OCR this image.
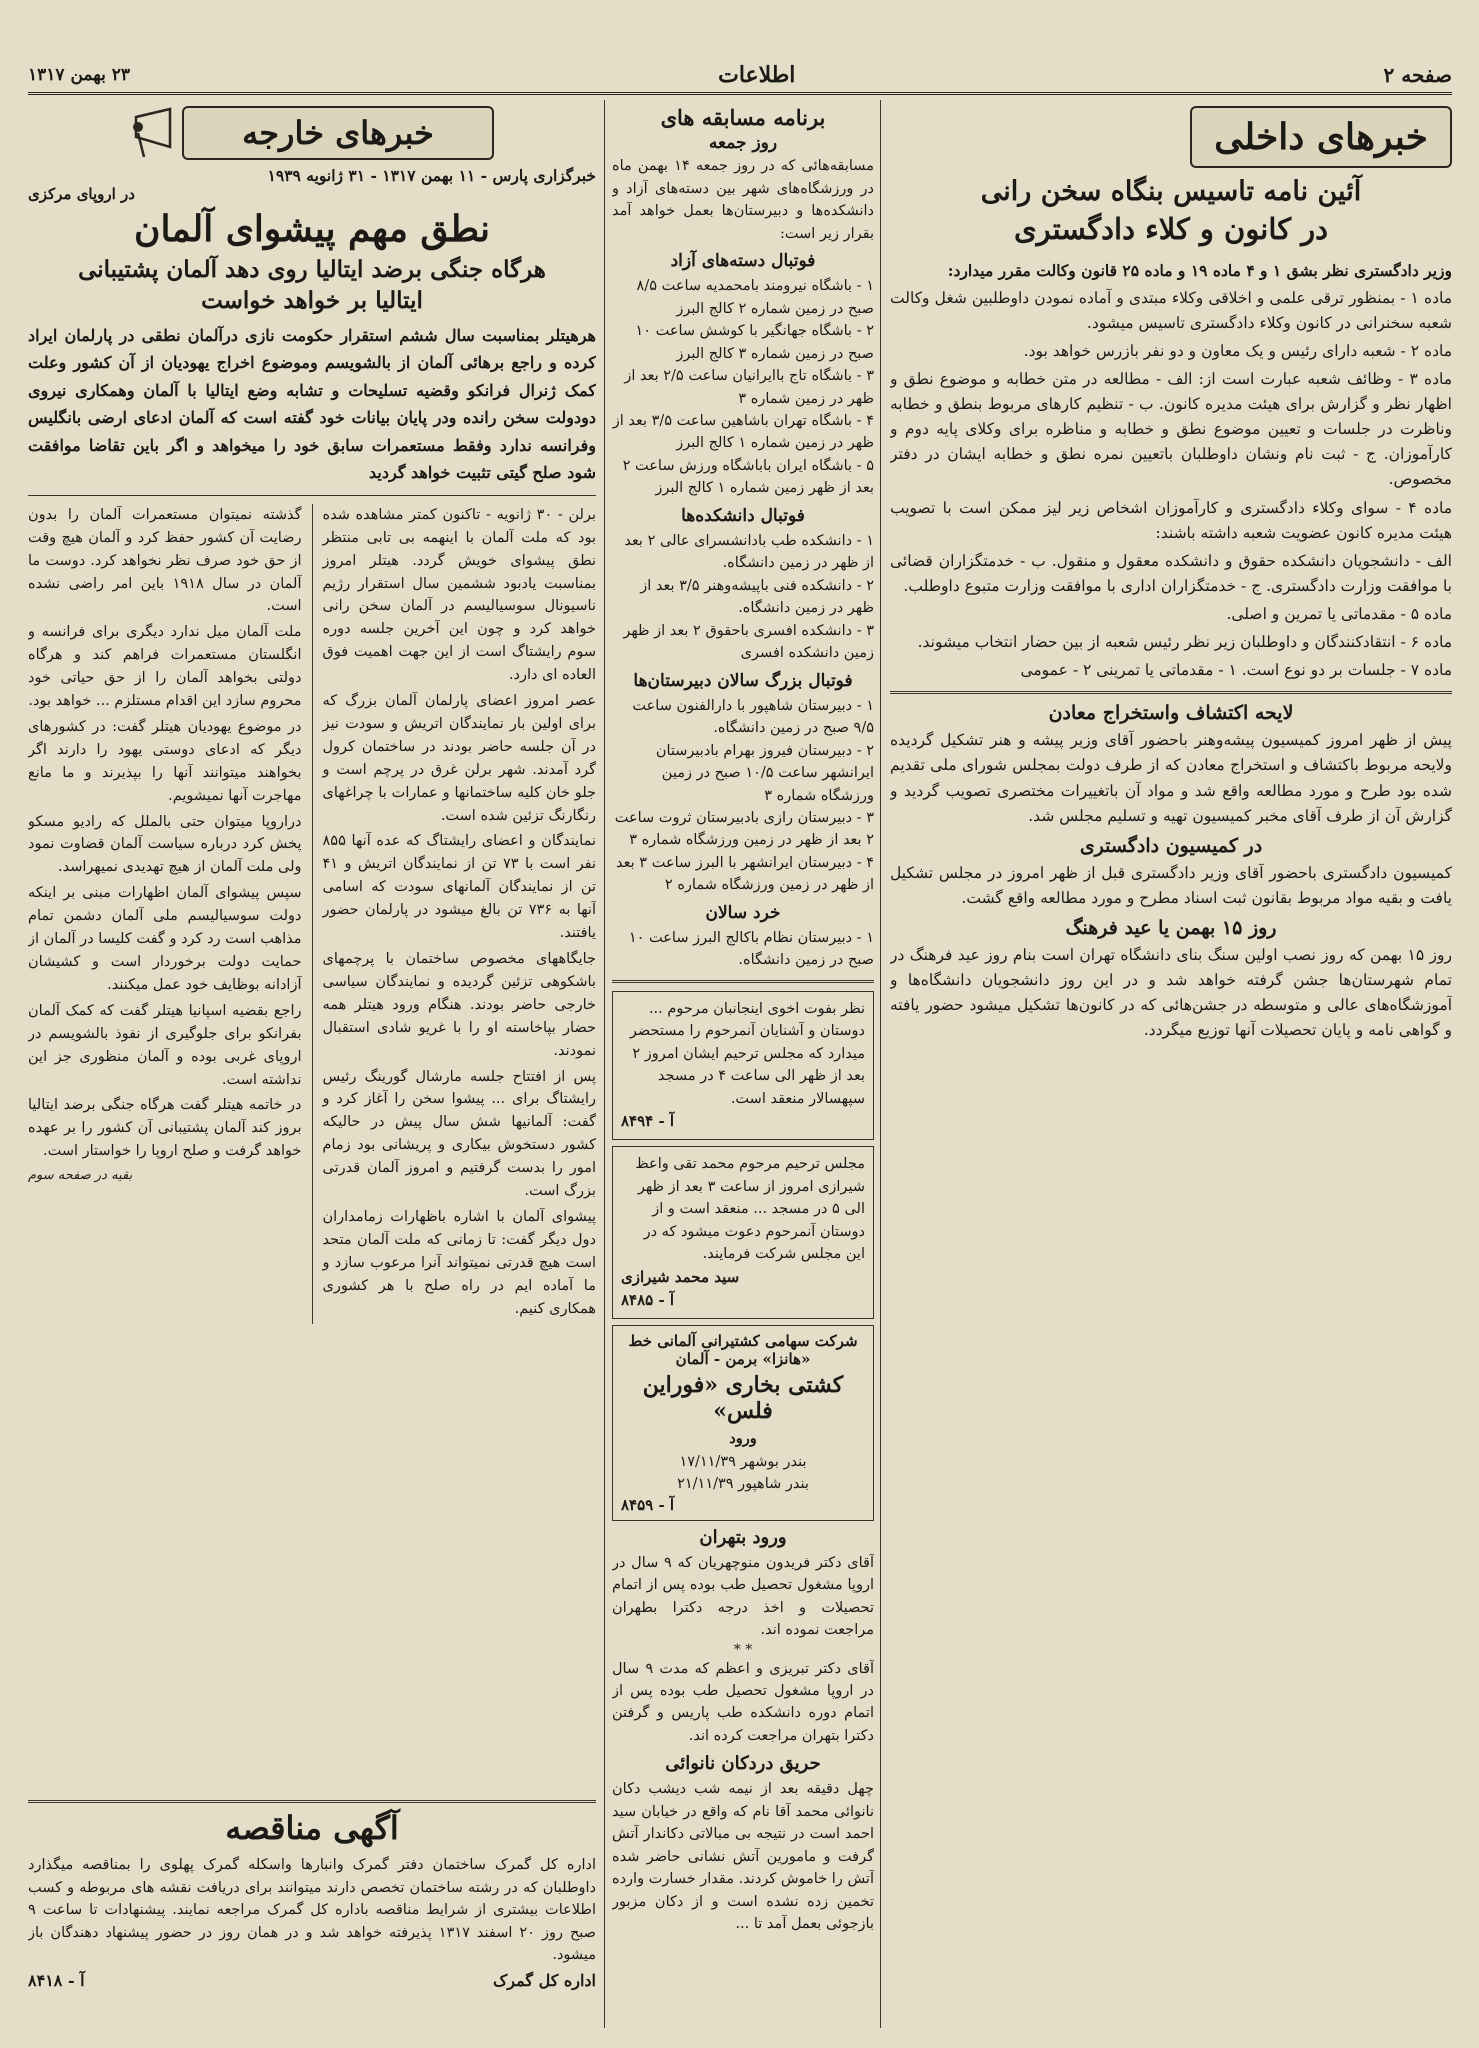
صفحه ۲
اطلاعات
۲۳ بهمن ۱۳۱۷
خبرهای داخلی
آئین نامه تاسیس بنگاه سخن رانی
در کانون و کلاء دادگستری

وزیر دادگستری نظر بشق ۱ و ۴ ماده ۱۹ و ماده ۲۵ قانون وکالت مقرر میدارد:

ماده ۱ - بمنظور ترقی علمی و اخلاقی وکلاء مبتدی و آماده نمودن داوطلبین شغل وکالت شعبه سخنرانی در کانون وکلاء دادگستری تاسیس میشود.

ماده ۲ - شعبه دارای رئیس و یک معاون و دو نفر بازرس خواهد بود.

ماده ۳ - وظائف شعبه عبارت است از: الف - مطالعه در متن خطابه و موضوع نطق و اظهار نظر و گزارش برای هیئت مدیره کانون. ب - تنظیم کارهای مربوط بنطق و خطابه وناظرت در جلسات و تعیین موضوع نطق و خطابه و مناظره برای وکلای پایه دوم و کارآموزان. ج - ثبت نام ونشان داوطلبان باتعیین نمره نطق و خطابه ایشان در دفتر مخصوص.

ماده ۴ - سوای وکلاء دادگستری و کارآموزان اشخاص زیر لیز ممکن است با تصویب هیئت مدیره کانون عضویت شعبه داشته باشند:

الف - دانشجویان دانشکده حقوق و دانشکده معقول و منقول. ب - خدمتگزاران قضائی با موافقت وزارت دادگستری. ج - خدمتگزاران اداری با موافقت وزارت متبوع داوطلب.

ماده ۵ - مقدماتی یا تمرین و اصلی.

ماده ۶ - انتقادکنندگان و داوطلبان زیر نظر رئیس شعبه از بین حضار انتخاب میشوند.

ماده ۷ - جلسات بر دو نوع است. ۱ - مقدماتی یا تمرینی ۲ - عمومی

لایحه اکتشاف واستخراج معادن
پیش از ظهر امروز کمیسیون پیشه‌وهنر باحضور آقای وزیر پیشه و هنر تشکیل گردیده ولایحه مربوط باکتشاف و استخراج معادن که از طرف دولت بمجلس شورای ملی تقدیم شده بود طرح و مورد مطالعه واقع شد و مواد آن باتغییرات مختصری تصویب گردید و گزارش آن از طرف آقای مخبر کمیسیون تهیه و تسلیم مجلس شد.
در کمیسیون دادگستری
کمیسیون دادگستری باحضور آقای وزیر دادگستری قبل از ظهر امروز در مجلس تشکیل یافت و بقیه مواد مربوط بقانون ثبت اسناد مطرح و مورد مطالعه واقع گشت.
روز ۱۵ بهمن یا عید فرهنگ
روز ۱۵ بهمن که روز نصب اولین سنگ بنای دانشگاه تهران است بنام روز عید فرهنگ در تمام شهرستان‌ها جشن گرفته خواهد شد و در این روز دانشجویان دانشگاه‌ها و آموزشگاه‌های عالی و متوسطه در جشن‌هائی که در کانون‌ها تشکیل میشود حضور یافته و گواهی نامه و پایان تحصیلات آنها توزیع میگردد.
برنامه مسابقه های
روز جمعه
مسابقه‌هائی که در روز جمعه ۱۴ بهمن ماه در ورزشگاه‌های شهر بین دسته‌های آزاد و دانشکده‌ها و دبیرستان‌ها بعمل خواهد آمد بقرار زیر است:
فوتبال دسته‌های آزاد
۱ - باشگاه نیرومند بامحمدیه ساعت ۸/۵ صبح در زمین شماره ۲ کالج البرز
۲ - باشگاه جهانگیر با کوشش ساعت ۱۰ صبح در زمین شماره ۳ کالج البرز
۳ - باشگاه تاج باایرانیان ساعت ۲/۵ بعد از ظهر در زمین شماره ۳
۴ - باشگاه تهران باشاهین ساعت ۳/۵ بعد از ظهر در زمین شماره ۱ کالج البرز
۵ - باشگاه ایران باباشگاه ورزش ساعت ۲ بعد از ظهر زمین شماره ۱ کالج البرز
فوتبال دانشکده‌ها
۱ - دانشکده طب بادانشسرای عالی ۲ بعد از ظهر در زمین دانشگاه.
۲ - دانشکده فنی باپیشه‌وهنر ۳/۵ بعد از ظهر در زمین دانشگاه.
۳ - دانشکده افسری باحقوق ۲ بعد از ظهر زمین دانشکده افسری
فوتبال بزرگ سالان دبیرستان‌ها
۱ - دبیرستان شاهپور با دارالفنون ساعت ۹/۵ صبح در زمین دانشگاه.
۲ - دبیرستان فیروز بهرام بادبیرستان ایرانشهر ساعت ۱۰/۵ صبح در زمین ورزشگاه شماره ۳
۳ - دبیرستان رازی بادبیرستان ثروت ساعت ۲ بعد از ظهر در زمین ورزشگاه شماره ۳
۴ - دبیرستان ایرانشهر با البرز ساعت ۳ بعد از ظهر در زمین ورزشگاه شماره ۲
خرد سالان
۱ - دبیرستان نظام باکالج البرز ساعت ۱۰ صبح در زمین دانشگاه.
نظر بفوت اخوی اینجانبان مرحوم ... دوستان و آشنایان آنمرحوم را مستحضر میدارد که مجلس ترحیم ایشان امروز ۲ بعد از ظهر الی ساعت ۴ در مسجد سپهسالار منعقد است.
آ - ۸۴۹۴
مجلس ترحیم مرحوم محمد تقی واعظ شیرازی امروز از ساعت ۳ بعد از ظهر الی ۵ در مسجد ... منعقد است و از دوستان آنمرحوم دعوت میشود که در این مجلس شرکت فرمایند.
سید محمد شیرازی
آ - ۸۴۸۵
شرکت سهامی کشتیرانی آلمانی خط
«هانزا» برمن - آلمان
کشتی بخاری «فوراین فلس»
ورود
بندر بوشهر ۱۷/۱۱/۳۹
بندر شاهپور ۲۱/۱۱/۳۹
آ - ۸۴۵۹
ورود بتهران
آقای دکتر فریدون منوچهریان که ۹ سال در اروپا مشغول تحصیل طب بوده پس از اتمام تحصیلات و اخذ درجه دکترا بطهران مراجعت نموده اند.
* *
آقای دکتر تبریزی و اعظم که مدت ۹ سال در اروپا مشغول تحصیل طب بوده پس از اتمام دوره دانشکده طب پاریس و گرفتن دکترا بتهران مراجعت کرده اند.
حریق دردکان نانوائی
چهل دقیقه بعد از نیمه شب دیشب دکان نانوائی محمد آقا نام که واقع در خیابان سید احمد است در نتیجه بی مبالاتی دکاندار آتش گرفت و مامورین آتش نشانی حاضر شده آتش را خاموش کردند. مقدار خسارت وارده تخمین زده نشده است و از دکان مزبور بازجوئی بعمل آمد تا ...
خبرهای خارجه
خبرگزاری پارس - ۱۱ بهمن ۱۳۱۷ - ۳۱ ژانویه ۱۹۳۹
در اروپای مرکزی
نطق مهم پیشوای آلمان
هرگاه جنگی برضد ایتالیا روی دهد آلمان پشتیبانی
ایتالیا بر خواهد خواست
هرهیتلر بمناسبت سال ششم استقرار حکومت نازی درآلمان نطقی در پارلمان ایراد کرده و راجع برهائی آلمان از بالشویسم وموضوع اخراج یهودیان از آن کشور وعلت کمک ژنرال فرانکو وقضیه تسلیحات و تشابه وضع ایتالیا با آلمان وهمکاری نیروی دودولت سخن رانده ودر پایان بیانات خود گفته است که آلمان ادعای ارضی بانگلیس وفرانسه ندارد وفقط مستعمرات سابق خود را میخواهد و اگر باین تقاضا موافقت شود صلح گیتی تثبیت خواهد گردید

برلن - ۳۰ ژانویه - تاکنون کمتر مشاهده شده بود که ملت آلمان با اینهمه بی تابی منتظر نطق پیشوای خویش گردد. هیتلر امروز بمناسبت یادبود ششمین سال استقرار رژیم ناسیونال سوسیالیسم در آلمان سخن رانی خواهد کرد و چون این آخرین جلسه دوره سوم رایشتاگ است از این جهت اهمیت فوق العاده ای دارد.

عصر امروز اعضای پارلمان آلمان بزرگ که برای اولین بار نمایندگان اتریش و سودت نیز در آن جلسه حاضر بودند در ساختمان کرول گرد آمدند. شهر برلن غرق در پرچم است و جلو خان کلیه ساختمانها و عمارات با چراغهای رنگارنگ تزئین شده است.

نمایندگان و اعضای رایشتاگ که عده آنها ۸۵۵ نفر است با ۷۳ تن از نمایندگان اتریش و ۴۱ تن از نمایندگان آلمانهای سودت که اسامی آنها به ۷۳۶ تن بالغ میشود در پارلمان حضور یافتند.

جایگاههای مخصوص ساختمان با پرچمهای باشکوهی تزئین گردیده و نمایندگان سیاسی خارجی حاضر بودند. هنگام ورود هیتلر همه حضار بپاخاسته او را با غریو شادی استقبال نمودند.

پس از افتتاح جلسه مارشال گورینگ رئیس رایشتاگ برای ... پیشوا سخن را آغاز کرد و گفت: آلمانیها شش سال پیش در حالیکه کشور دستخوش بیکاری و پریشانی بود زمام امور را بدست گرفتیم و امروز آلمان قدرتی بزرگ است.

پیشوای آلمان با اشاره باظهارات زمامداران دول دیگر گفت: تا زمانی که ملت آلمان متحد است هیچ قدرتی نمیتواند آنرا مرعوب سازد و ما آماده ایم در راه صلح با هر کشوری همکاری کنیم.

گذشته نمیتوان مستعمرات آلمان را بدون رضایت آن کشور حفظ کرد و آلمان هیچ وقت از حق خود صرف نظر نخواهد کرد. دوست ما آلمان در سال ۱۹۱۸ باین امر راضی نشده است.

ملت آلمان میل ندارد دیگری برای فرانسه و انگلستان مستعمرات فراهم کند و هرگاه دولتی بخواهد آلمان را از حق حیاتی خود محروم سازد این اقدام مستلزم ... خواهد بود.

در موضوع یهودیان هیتلر گفت: در کشورهای دیگر که ادعای دوستی یهود را دارند اگر بخواهند میتوانند آنها را بپذیرند و ما مانع مهاجرت آنها نمیشویم.

دراروپا میتوان حتی بالملل که رادیو مسکو پخش کرد درباره سیاست آلمان قضاوت نمود ولی ملت آلمان از هیچ تهدیدی نمیهراسد.

سپس پیشوای آلمان اظهارات مبنی بر اینکه دولت سوسیالیسم ملی آلمان دشمن تمام مذاهب است رد کرد و گفت کلیسا در آلمان از حمایت دولت برخوردار است و کشیشان آزادانه بوظایف خود عمل میکنند.

راجع بقضیه اسپانیا هیتلر گفت که کمک آلمان بفرانکو برای جلوگیری از نفوذ بالشویسم در اروپای غربی بوده و آلمان منظوری جز این نداشته است.

در خاتمه هیتلر گفت هرگاه جنگی برضد ایتالیا بروز کند آلمان پشتیبانی آن کشور را بر عهده خواهد گرفت و صلح اروپا را خواستار است.

بقیه در صفحه سوم

آگهی مناقصه
اداره کل گمرک ساختمان دفتر گمرک وانبارها واسکله گمرک پهلوی را بمناقصه میگذارد داوطلبان که در رشته ساختمان تخصص دارند میتوانند برای دریافت نقشه های مربوطه و کسب اطلاعات بیشتری از شرایط مناقصه باداره کل گمرک مراجعه نمایند. پیشنهادات تا ساعت ۹ صبح روز ۲۰ اسفند ۱۳۱۷ پذیرفته خواهد شد و در همان روز در حضور پیشنهاد دهندگان باز میشود.
اداره کل گمرک
آ - ۸۴۱۸
